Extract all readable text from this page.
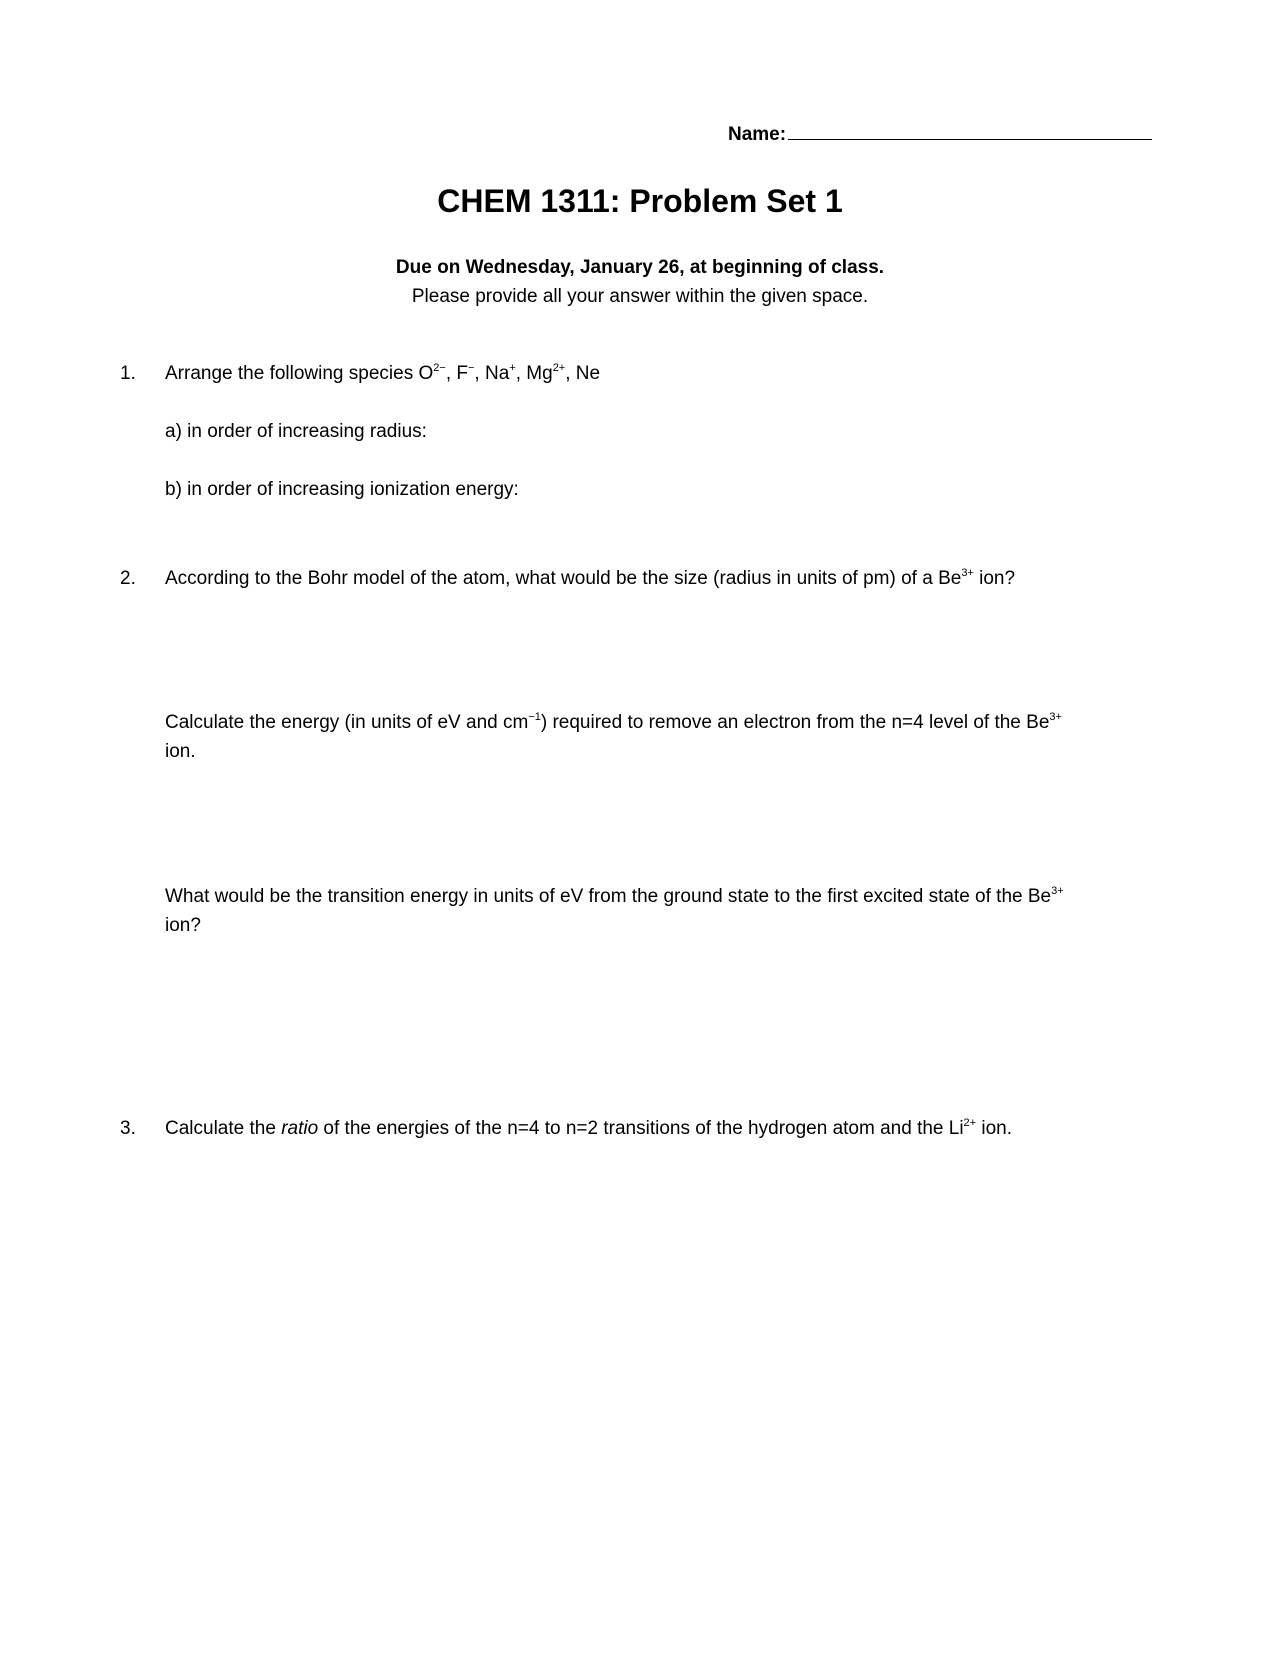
Name:
CHEM 1311: Problem Set 1
Due on Wednesday, January 26, at beginning of class.
Please provide all your answer within the given space.
1. Arrange the following species $O^{2-}$, F−, Na+, $Mg^{2+}$, Ne
a) in order of increasing radius:
b) in order of increasing ionization energy:
2. According to the Bohr model of the atom, what would be the size (radius in units of pm) of a $Be^{3+}$ ion?
Calculate the energy (in units of eV and $cm^{-1}$) required to remove an electron from the n=4 level of the $Be^{3+}$
ion.
What would be the transition energy in units of eV from the ground state to the first excited state of the $Be^{3+}$
ion?
3. Calculate the ratio of the energies of the n=4 to n=2 transitions of the hydrogen atom and the $Li^{2+}$ ion.
